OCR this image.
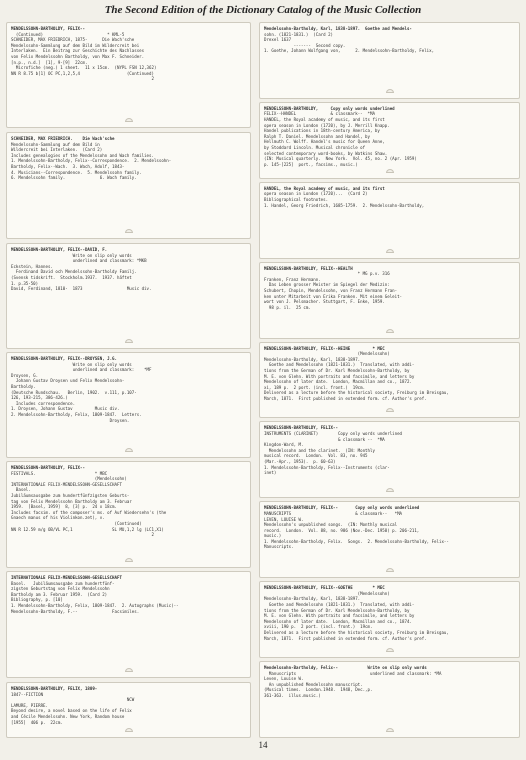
The Second Edition of the Dictionary Catalog of the Music Collection
MENDELSSOHN-BARTHOLDY, FELIX--
(Continued)                          * KML-5
SCHNEIDER, MAX FRIEDRICH, 1875-      Die Wach'sche
Mendelssohn-Sammlung auf dem Bild im Wildercreit bei
Interlaken.  Ein Beitrag zur Geschichte des Nachlasses
von Felix Mendelssohn Bartholdy, von Max F. Schneider.
[n.p., n.d.]  [1], 9-[9]  22cm.
Microfiche (neg.) 1 sheet.  11 x 15cm.  (NYPL FSN 12,362)
NN R 8.75 b[1] OC PC,1,2,5,4                   (Continued)
2
SCHNEIDER, MAX FRIEDRICH.    Die Wach'sche
Mendelssohn-Sammlung auf dem Bild in
Wildercreit bei Interlaken.  (Card 2)
Includes genealogies of the Mendelssohn and Wach families.
1. Mendelssohn-Bartholdy, Felix--Correspondence.  2. Mendelssohn-
Bartholdy, Felix--Wach.  3. Wach, Adolf, 1843-
4. Musicians--Correspondence.  5. Mendelssohn family.
6. Mendelssohn family.              6. Wach family.
MENDELSSOHN-BARTHOLDY, FELIX--DAVID, F.
Write on slip only words
underlined and classmark: *MKB
Eckstein, Hannes.
Ferdinand David och Mendelssohn-Bartholdy Familj.
(Svensk tidskrift.  Stockholm.1937.  1937. häftet
1. p.35-50)
David, Ferdinand, 1810-  1873                  Music div.
MENDELSSOHN-BARTHOLDY, FELIX--DROYSEN, J.G.
Write on slip only words
underlined and classmark:    *MF
Droysen, G.
Johann Gustav Droysen und Felix Mendelssohn-
Bartholdy.
(Deutsche Rundschau.   Berlin, 1902.  v.111, p.107-
126, 193-215, 386-426.)
Includes correspondence.
1. Droysen, Johann Gustav         Music div.
2. Mendelssohn-Bartholdy, Felix, 1809-1847.  Letters.
Droysen.
MENDELSSOHN-BARTHOLDY, FELIX--
FESTIVALS.                        * MBC
(Mendelssohn)
INTERNATIONALE FELIX-MENDELSSOHN-GESELLSCHAFT
Basel.
Jubiläumsausgabe zum hundertfünfzigsten Geburts-
tag von Felix Mendelssohn Bartholdy am 3. Februar
1959.  [Basel, 1959]  8, [3] p.  24 x 18cm.
Includes facsim. of the composer's ms. of Auf Wiedersehn's (the
Gnaech manus of his Violinkon.zet), v.
(Continued)
NN R 12.59 m/g OB/VL PC,1                SL MU,1,2 lg (LC1,X1)
2
INTERNATIONALE FELIX-MENDELSSOHN-GESELLSCHAFT
Basel.   Jubiläumsausgabe zum hundertfünf-
zigsten Geburtstag von Felix Mendelssohn
Bartholdy am 3. Februar 1959.  (Card 2)
Bibliography, p. [10]
1. Mendelssohn-Bartholdy, Felix, 1809-1847.  2. Autographs (Music)--
Mendelssohn-Bartholdy, F.--              Facsimiles.
MENDELSSOHN-BARTHOLDY, FELIX, 1809-
1847--FICTION
NCW
LAMURE, PIERRE.
Beyond desire, a novel based on the life of Felix
and Cécile Mendelssohn. New York, Random house
[1955]  406 p.  22cm.
Mendelssohn-Bartholdy, Karl, 1838-1897.  Goethe and Mendels-
sohn. (1821-1831.)  (Card 2)
Drexel 1637
-------  Second copy.
1. Goethe, Johann Wolfgang von,      2. Mendelssohn-Bartholdy, Felix,
MENDELSSOHN-BARTHOLDY,     Copy only words underlined
FELIX--HANDEL              & classmark--  *MA
HANDEL, the Royal academy of music, and its first
opera season in London (1720), by J. Merrill Knapp.
Handel publications in 18th-century America, by
Ralph T. Daniel. Mendelssohn and Handel, by
Hellmuth C. Wolff. Handel's music for Queen Anne,
by Stoddard Lincoln. Musical chronicle of
selected contemporary word-books, by Watkins Shaw.
(IN: Musical quarterly.  New York.  Vol. 45, no. 2 (Apr. 1959)
p. 145-[225]  port., facsims., music.)
HANDEL, the Royal academy of music, and its first
opera season in London (1720)...  (Card 2)
Bibliographical footnotes.
1. Handel, Georg Friedrich, 1685-1759.  2. Mendelssohn-Bartholdy,
MENDELSSOHN-BARTHOLDY, FELIX--HEALTH
* MG p.v. 316
Franken, Franz Hermann.
Das Leben grosser Meister im Spiegel der Medizin:
Schubert, Chopin, Mendelssohn, von Franz Hermann Fran-
ken unter Mitarbeit von Erika Franken. Mit einem Geleit-
wort von J. Pelsmacher. Stuttgart, F. Enke, 1959.
98 p. il.  25 cm.
MENDELSSOHN-BARTHOLDY, FELIX--HEINE         * MEC
(Mendelssohn)
Mendelssohn-Bartholdy, Karl, 1838-1897.
Goethe and Mendelssohn (1821-1831.)  Translated, with addi-
tions from the German of Dr. Karl Mendelssohn-Bartholdy, by
M. E. von Glehn. With portraits and facsimile, and letters by
Mendelssohn of later date.  London, Macmillan and co., 1872.
xi, 189 p.  2 port. (incl. front.)  19cm.
Delivered as a lecture before the historical society, Freiburg im Breisgau,
March, 1871.  First published in extended form. cf. Author's pref.
MENDELSSOHN-BARTHOLDY, FELIX--
INSTRUMENTS (CLARINET)        Copy only words underlined
& classmark --  *MA
Kingdon-Ward, M.
Mendelssohn and the clarinet.  (IN: Monthly
musical record.  London.  Vol. 83, no. 945
(Mar.-Apr., 1953).  p. 60-63)
1. Mendelssohn-Bartholdy, Felix--Instruments (clar-
inet)
MENDELSSOHN-BARTHOLDY, FELIX--       Copy only words underlined
MANUSCRIPTS                          & classmark--   *MA
LEVEN, LOUISE W.
Mendelssohn's unpublished songs.  (IN: Monthly musical
record.  London.  Vol. 88, no. 986 (Nov.-Dec. 1958) p. 206-211,
music.)
1. Mendelssohn-Bartholdy, Felix.  Songs.  2. Mendelssohn-Bartholdy, Felix--
Manuscripts.
MENDELSSOHN-BARTHOLDY, FELIX--GOETHE        * MEC
(Mendelssohn)
Mendelssohn-Bartholdy, Karl, 1838-1897.
Goethe and Mendelssohn (1821-1831.)  Translated, with addi-
tions from the German of Dr. Karl Mendelssohn-Bartholdy, by
M. E. von Glehn. With portraits and facsimile, and letters by
Mendelssohn of later date.  London, Macmillan and co., 1874.
xviii, 190 p.  2 port. (incl. front.)  19cm.
Delivered as a lecture before the historical society, Freiburg im Breisgau,
March, 1871.  First published in extended form. cf. Author's pref.
Mendelssohn-Bartholdy, Felix--            Write on slip only words
Manuscripts                              underlined and classmark: *MA
Leven, Louise W.
An unpublished Mendelssohn manuscript.
(Musical times.  London.1948.  1948, Dec.,p.
361-363.  illus.music.)
14
